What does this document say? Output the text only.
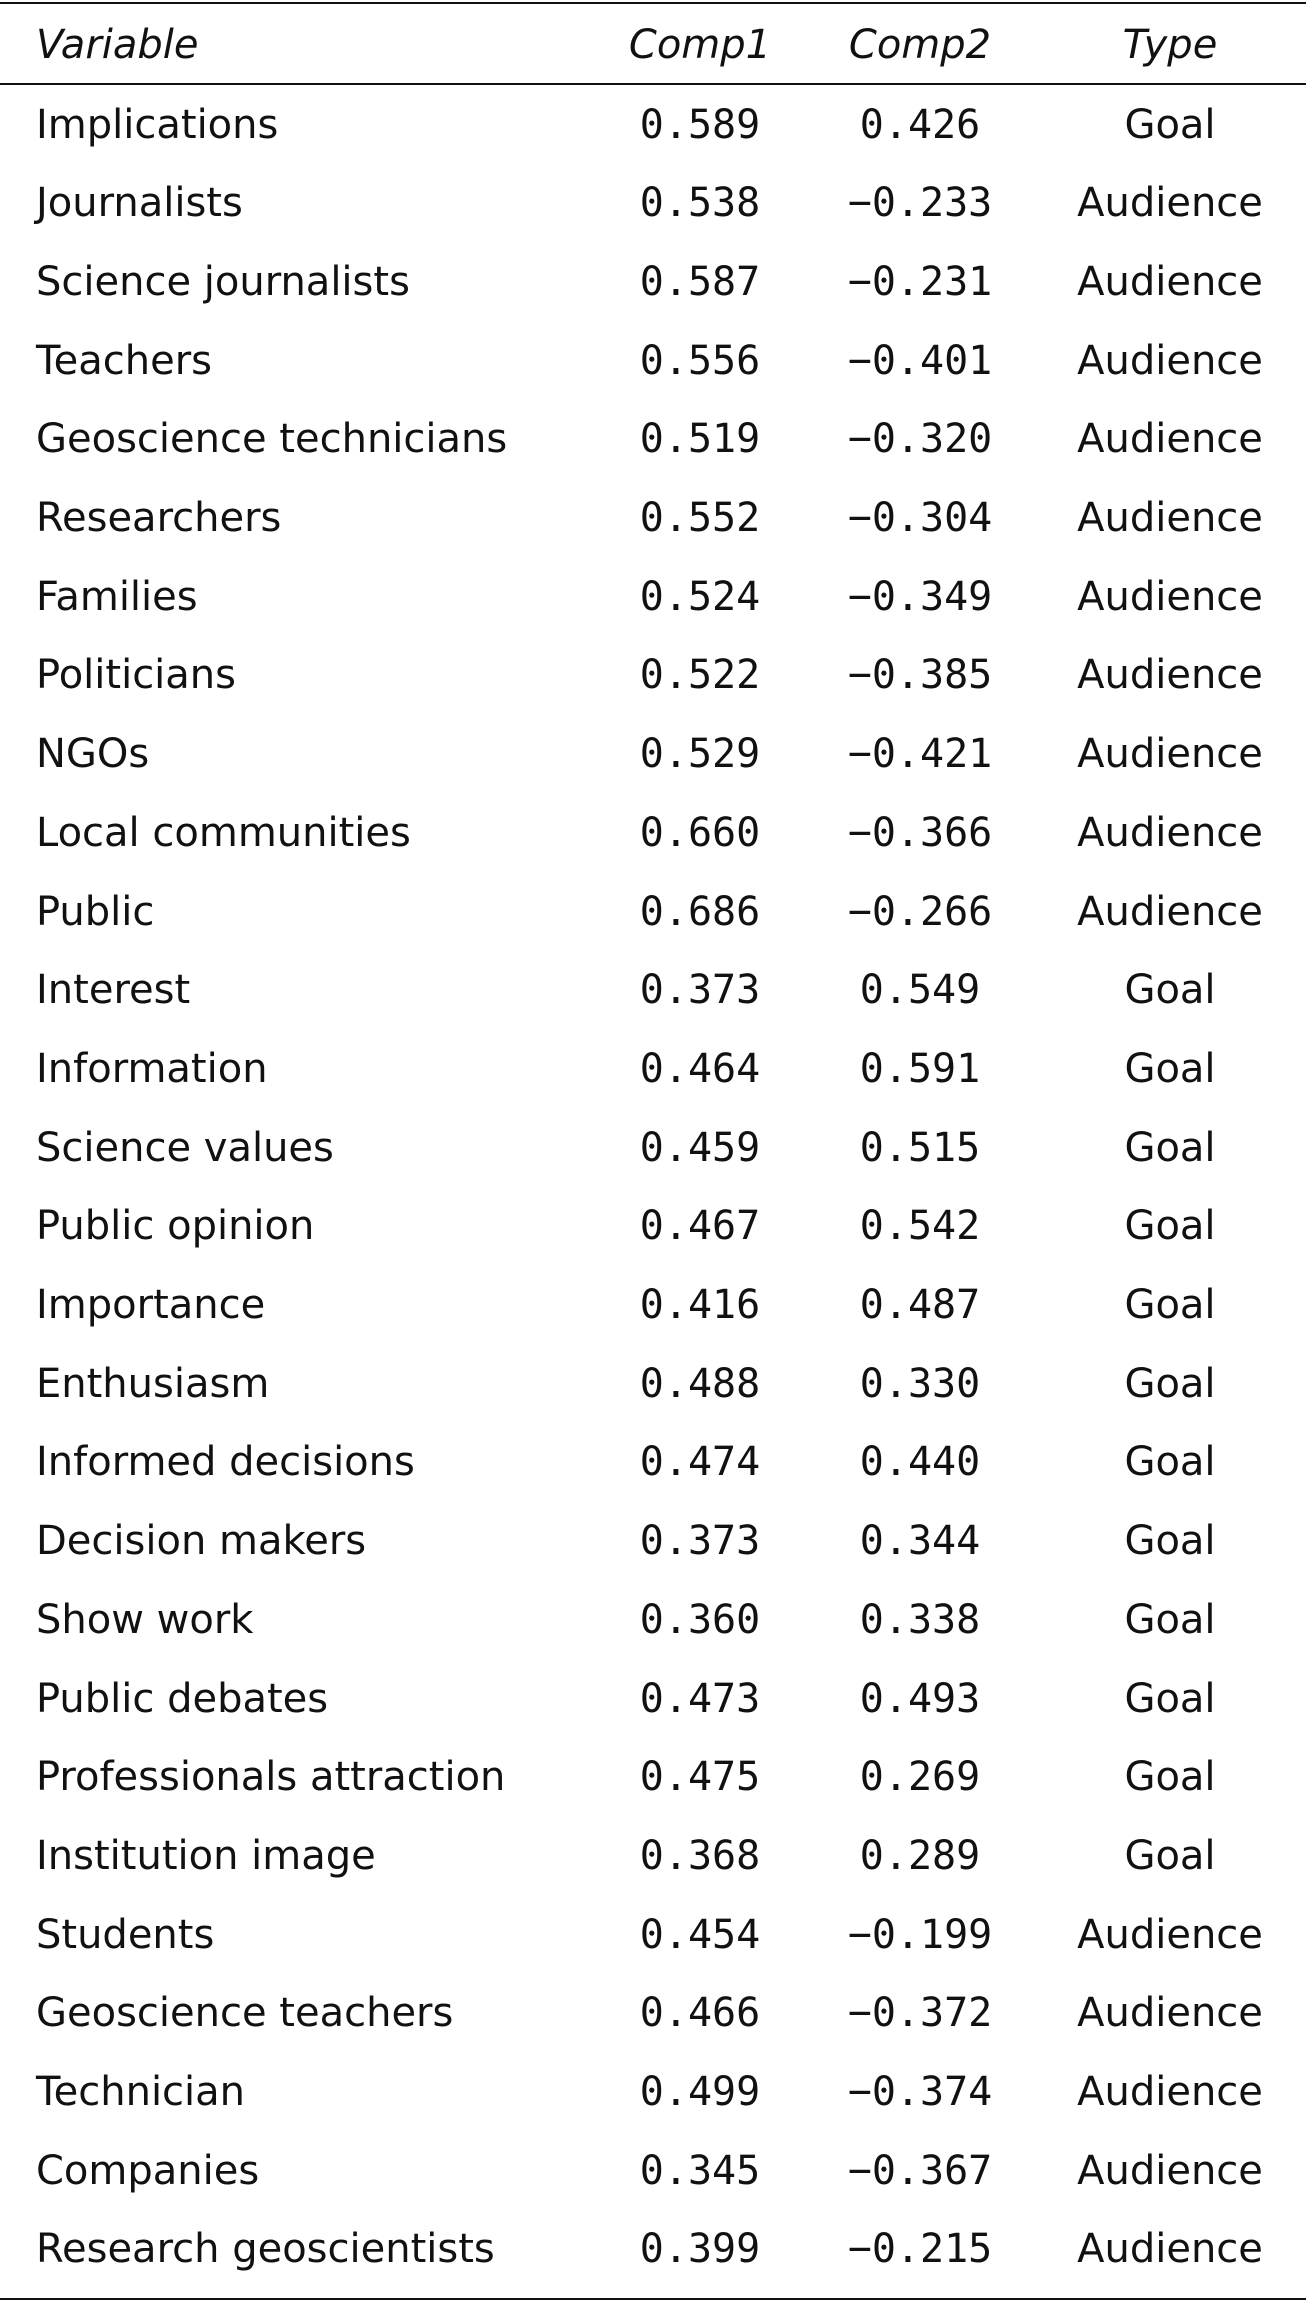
Variable	Comp1	Comp2	Type
Implications	0.589	0.426	Goal
Journalists	0.538	−0.233	Audience
Science journalists	0.587	−0.231	Audience
Teachers	0.556	−0.401	Audience
Geoscience technicians	0.519	−0.320	Audience
Researchers	0.552	−0.304	Audience
Families	0.524	−0.349	Audience
Politicians	0.522	−0.385	Audience
NGOs	0.529	−0.421	Audience
Local communities	0.660	−0.366	Audience
Public	0.686	−0.266	Audience
Interest	0.373	0.549	Goal
Information	0.464	0.591	Goal
Science values	0.459	0.515	Goal
Public opinion	0.467	0.542	Goal
Importance	0.416	0.487	Goal
Enthusiasm	0.488	0.330	Goal
Informed decisions	0.474	0.440	Goal
Decision makers	0.373	0.344	Goal
Show work	0.360	0.338	Goal
Public debates	0.473	0.493	Goal
Professionals attraction	0.475	0.269	Goal
Institution image	0.368	0.289	Goal
Students	0.454	−0.199	Audience
Geoscience teachers	0.466	−0.372	Audience
Technician	0.499	−0.374	Audience
Companies	0.345	−0.367	Audience
Research geoscientists	0.399	−0.215	Audience
